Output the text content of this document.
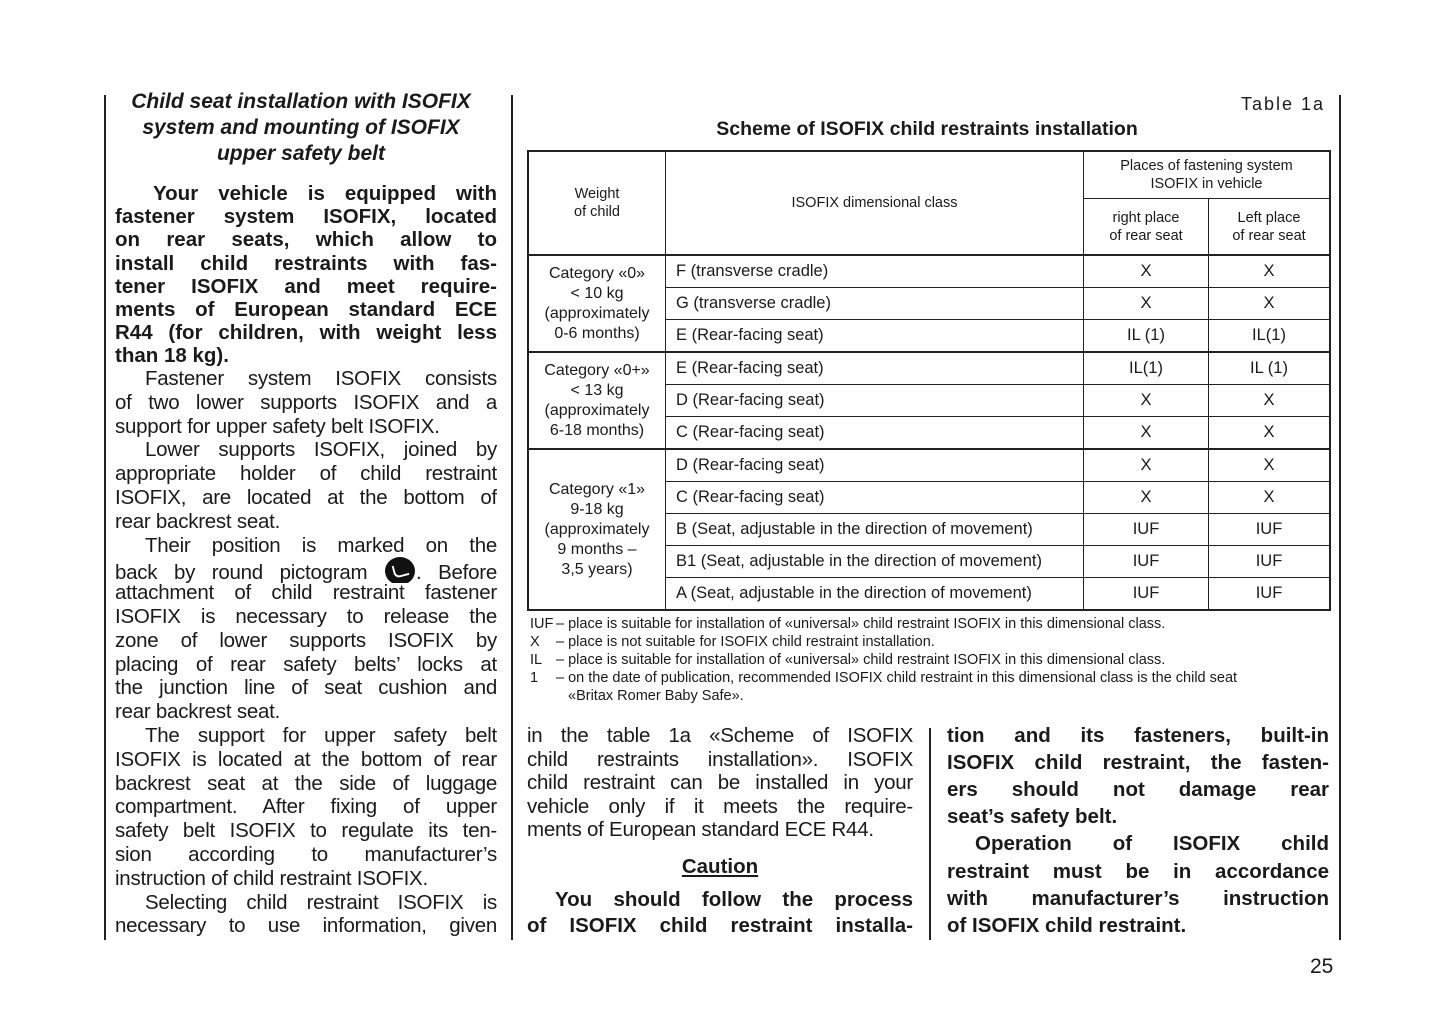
Child seat installation with ISOFIX
system and mounting of ISOFIX
upper safety belt
Your vehicle is equipped with
fastener system ISOFIX, located
on rear seats, which allow to
install child restraints with fas-
tener ISOFIX and meet require-
ments of European standard ECE
R44 (for children, with weight less
than 18 kg).
Fastener system ISOFIX consists
of two lower supports ISOFIX and a
support for upper safety belt ISOFIX.
Lower supports ISOFIX, joined by
appropriate holder of child restraint
ISOFIX, are located at the bottom of
rear backrest seat.
Their position is marked on the
back by round pictogram . Before
attachment of child restraint fastener
ISOFIX is necessary to release the
zone of lower supports ISOFIX by
placing of rear safety belts’ locks at
the junction line of seat cushion and
rear backrest seat.
The support for upper safety belt
ISOFIX is located at the bottom of rear
backrest seat at the side of luggage
compartment. After fixing of upper
safety belt ISOFIX to regulate its ten-
sion according to manufacturer’s
instruction of child restraint ISOFIX.
Selecting child restraint ISOFIX is
necessary to use information, given
in the table 1a «Scheme of ISOFIX
child restraints installation». ISOFIX
child restraint can be installed in your
vehicle only if it meets the require-
ments of European standard ECE R44.
Caution
You should follow the process
of ISOFIX child restraint installa-
tion and its fasteners, built-in
ISOFIX child restraint, the fasten-
ers should not damage rear
seat’s safety belt.
Operation of ISOFIX child
restraint must be in accordance
with manufacturer’s instruction
of ISOFIX child restraint.
Table 1a
Scheme of ISOFIX child restraints installation
Weight
of child	ISOFIX dimensional class	Places of fastening system
ISOFIX in vehicle	
		right place
of rear seat	Left place
of rear seat
Category «0»
< 10 kg
(approximately
0-6 months)	F (transverse cradle)	X	X
	G (transverse cradle)	X	X
	E (Rear-facing seat)	IL (1)	IL(1)
Category «0+»
< 13 kg
(approximately
6-18 months)	E (Rear-facing seat)	IL(1)	IL (1)
	D (Rear-facing seat)	X	X
	C (Rear-facing seat)	X	X
Category «1»
9-18 kg
(approximately
9 months –
3,5 years)	D (Rear-facing seat)	X	X
	C (Rear-facing seat)	X	X
	B (Seat, adjustable in the direction of movement)	IUF	IUF
	B1 (Seat, adjustable in the direction of movement)	IUF	IUF
	A (Seat, adjustable in the direction of movement)	IUF	IUF
IUF – place is suitable for installation of «universal» child restraint ISOFIX in this dimensional class.
X	– place is not suitable for ISOFIX child restraint installation.
IL – place is suitable for installation of «universal» child restraint ISOFIX in this dimensional class.
1	– on the date of publication, recommended ISOFIX child restraint in this dimensional class is the child seat
«Britax Romer Baby Safe».
25
